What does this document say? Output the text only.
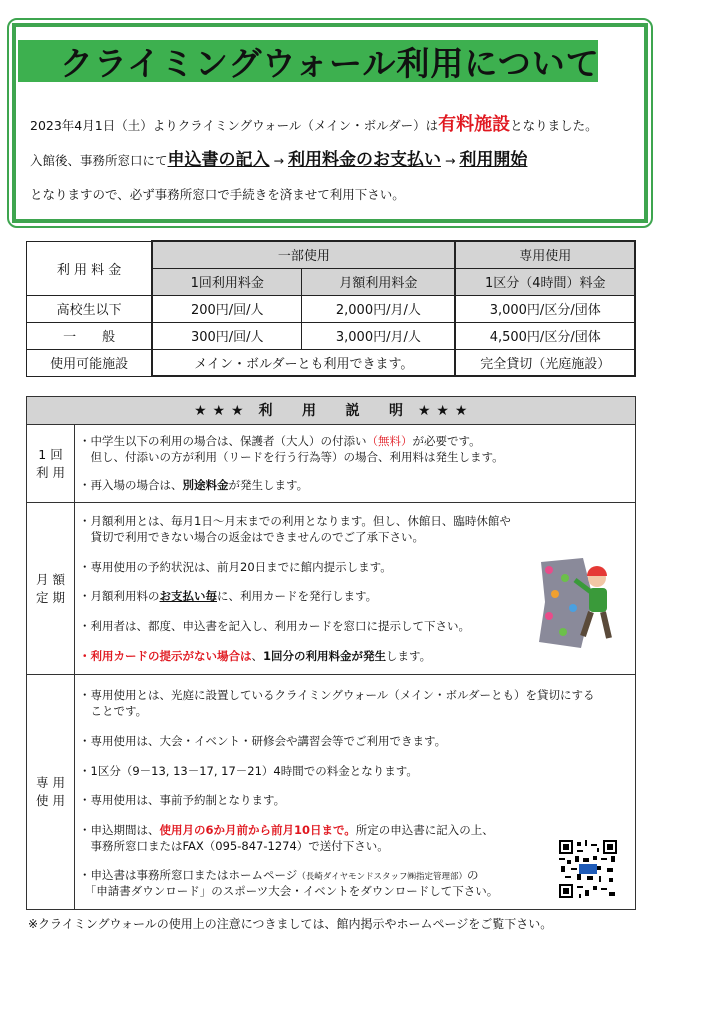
クライミングウォール利用について
2023年4月1日（土）よりクライミングウォール（メイン・ボルダー）は有料施設となりました。
入館後、事務所窓口にて申込書の記入 → 利用料金のお支払い → 利用開始
となりますので、必ず事務所窓口で手続きを済ませて利用下さい。
利 用 料 金	一部使用		専用使用
	1回利用料金	月額利用料金	1区分（4時間）料金
高校生以下	200円/回/人	2,000円/月/人	3,000円/区分/団体
一　　般	300円/回/人	3,000円/月/人	4,500円/区分/団体
使用可能施設	メイン・ボルダーとも利用できます。		完全貸切（光庭施設）
★ ★ ★　利　　用　　説　　明　★ ★ ★
1 回
利 用
・中学生以下の利用の場合は、保護者（大人）の付添い（無料）が必要です。
　但し、付添いの方が利用（リードを行う行為等）の場合、利用料は発生します。
・再入場の場合は、別途料金が発生します。
月 額
定 期
・月額利用とは、毎月1日～月末までの利用となります。但し、休館日、臨時休館や
　貸切で利用できない場合の返金はできませんのでご了承下さい。
・専用使用の予約状況は、前月20日までに館内提示します。
・月額利用料のお支払い毎に、利用カードを発行します。
・利用者は、都度、申込書を記入し、利用カードを窓口に提示して下さい。
・利用カードの提示がない場合は、1回分の利用料金が発生します。
専 用
使 用
・専用使用とは、光庭に設置しているクライミングウォール（メイン・ボルダーとも）を貸切にする
　ことです。
・専用使用は、大会・イベント・研修会や講習会等でご利用できます。
・1区分（9－13, 13－17, 17－21）4時間での料金となります。
・専用使用は、事前予約制となります。
・申込期間は、使用月の6か月前から前月10日まで。所定の申込書に記入の上、
　事務所窓口またはFAX（095-847-1274）で送付下さい。
・申込書は事務所窓口またはホームページ（長崎ダイヤモンドスタッフ㈱指定管理部）の
　「申請書ダウンロード」のスポーツ大会・イベントをダウンロードして下さい。
※クライミングウォールの使用上の注意につきましては、館内掲示やホームページをご覧下さい。
